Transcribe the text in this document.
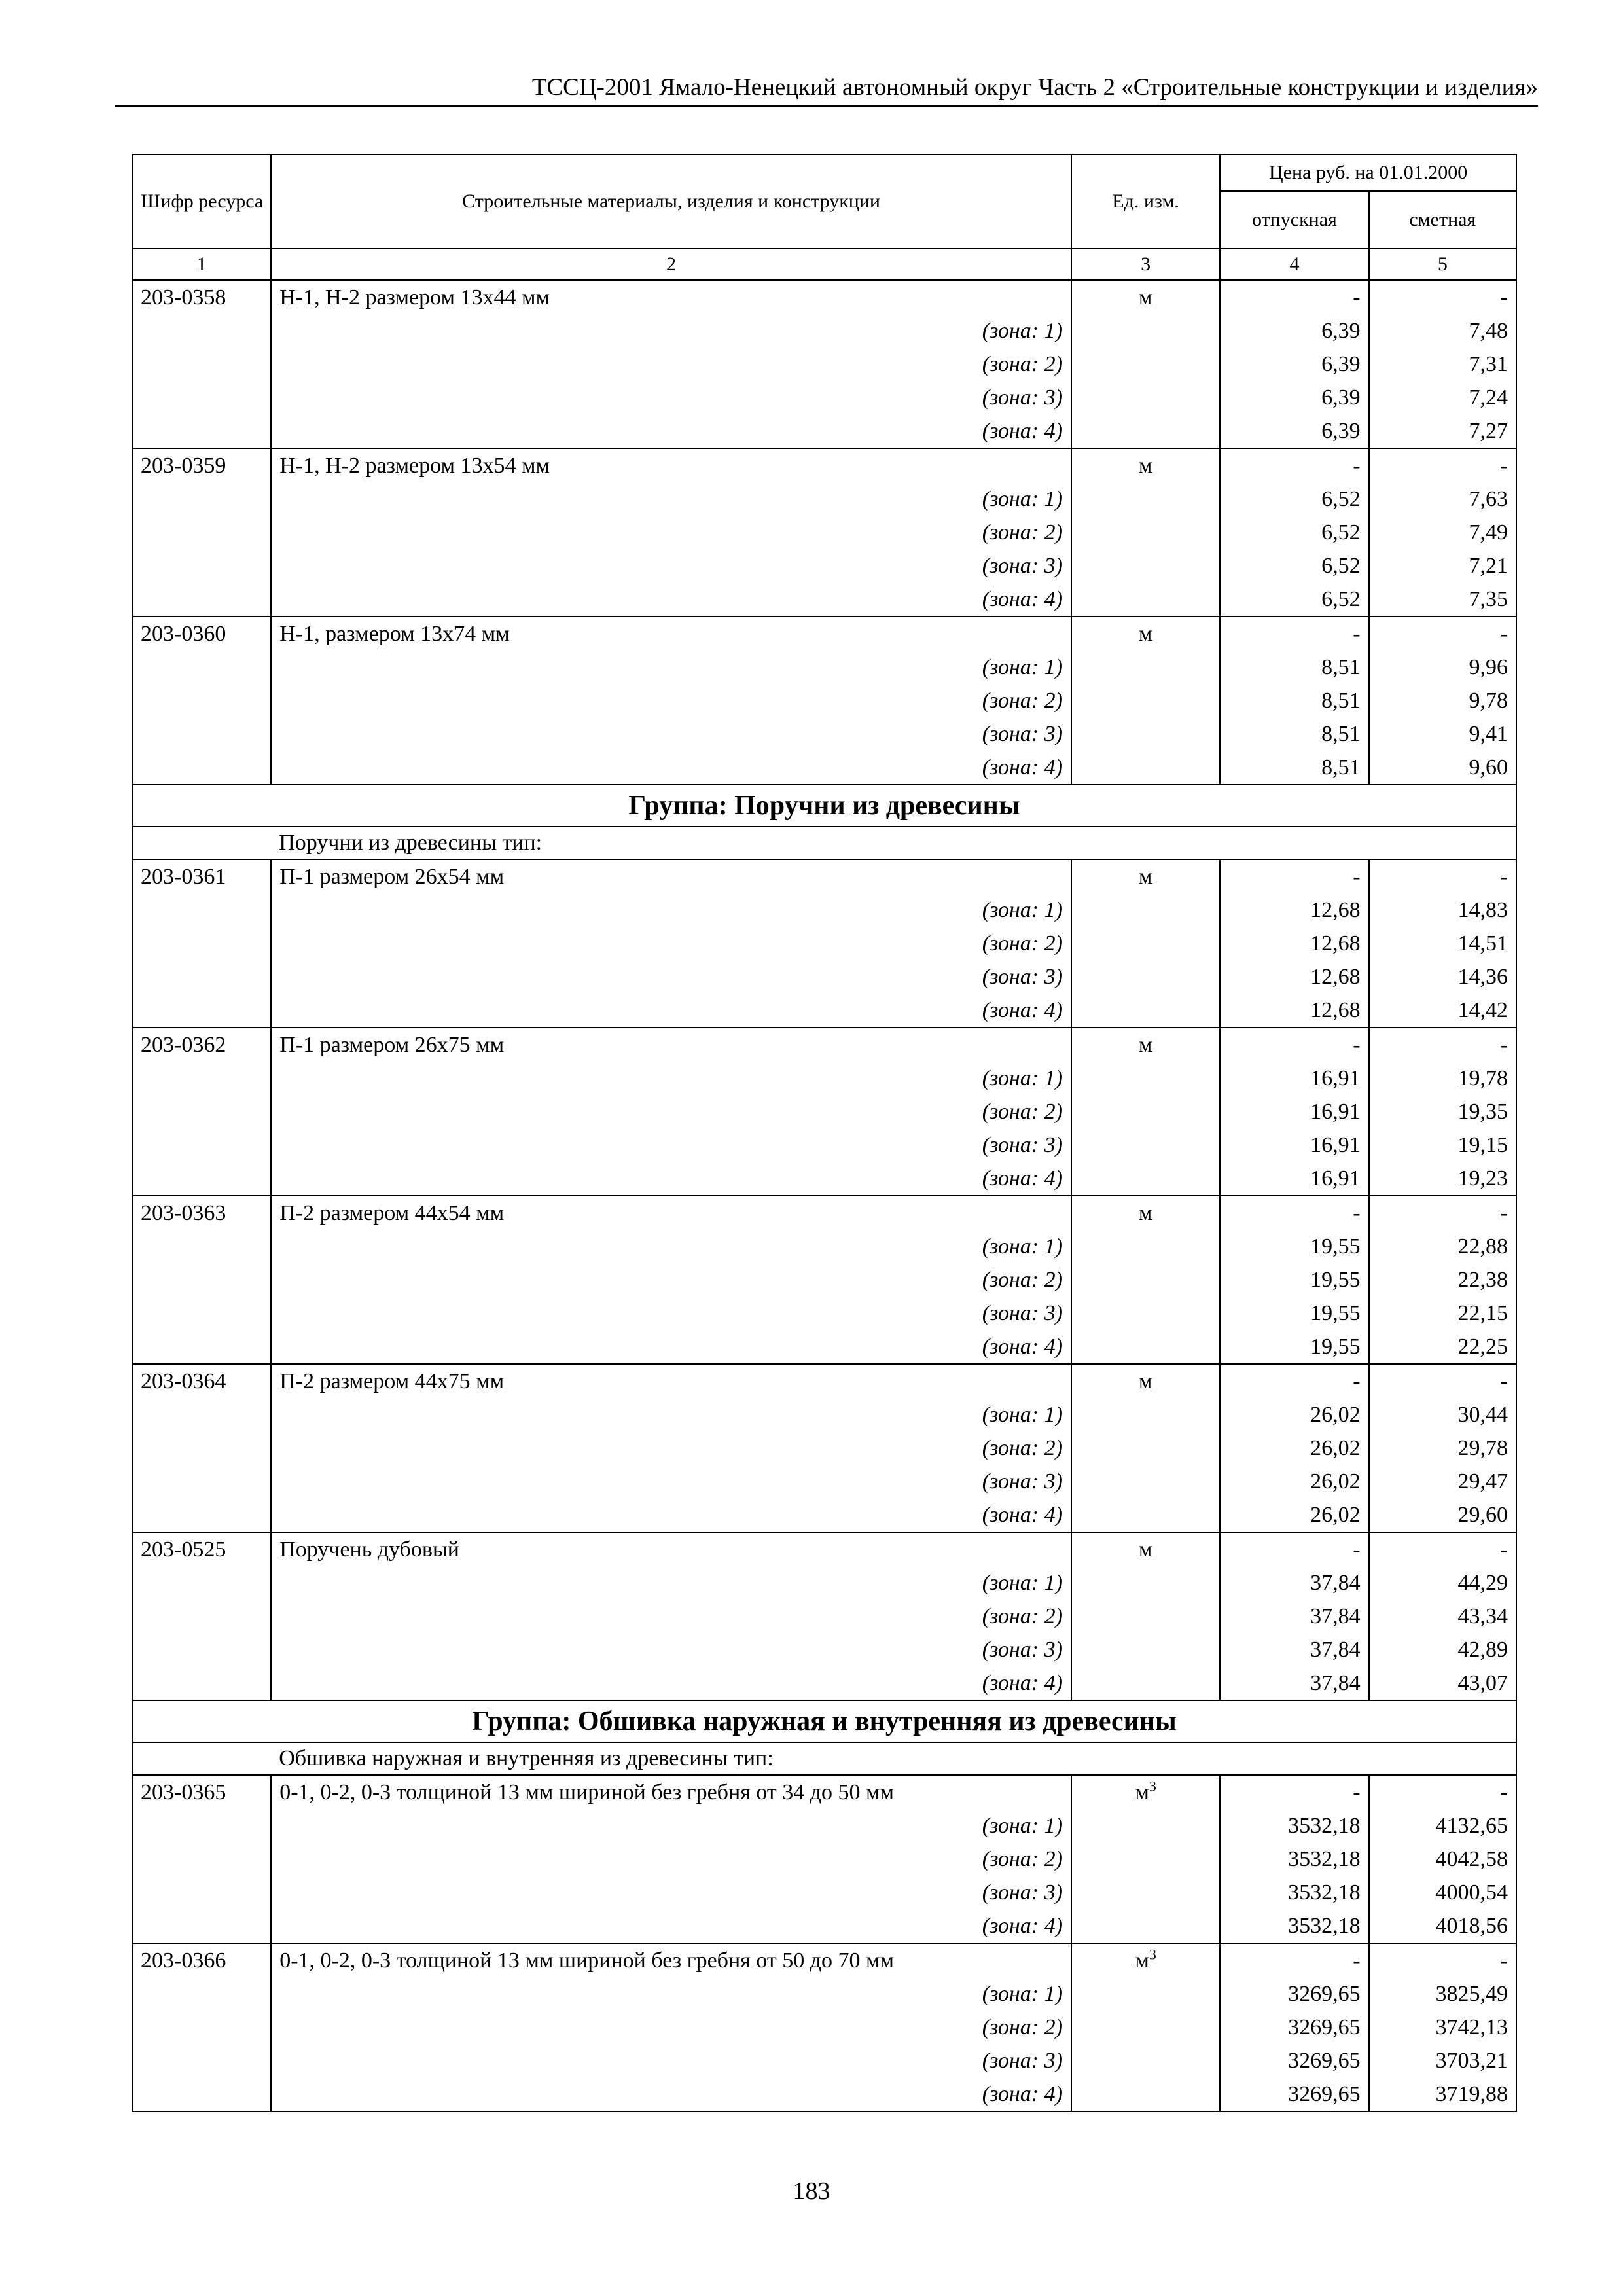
ТССЦ-2001 Ямало-Ненецкий автономный округ Часть 2 «Строительные конструкции и изделия»
Шифр ресурса	Строительные материалы, изделия и конструкции	Ед. изм.	Цена руб. на 01.01.2000	
			отпускная	сметная
1	2	3	4	5
203-0358	Н-1, Н-2 размером 13х44 мм	м	-	-
	(зона: 1)		6,39	7,48
	(зона: 2)		6,39	7,31
	(зона: 3)		6,39	7,24
	(зона: 4)		6,39	7,27
203-0359	Н-1, Н-2 размером 13х54 мм	м	-	-
	(зона: 1)		6,52	7,63
	(зона: 2)		6,52	7,49
	(зона: 3)		6,52	7,21
	(зона: 4)		6,52	7,35
203-0360	Н-1, размером 13х74 мм	м	-	-
	(зона: 1)		8,51	9,96
	(зона: 2)		8,51	9,78
	(зона: 3)		8,51	9,41
	(зона: 4)		8,51	9,60
Группа: Поручни из древесины				
	Поручни из древесины тип:			
203-0361	П-1 размером 26х54 мм	м	-	-
	(зона: 1)		12,68	14,83
	(зона: 2)		12,68	14,51
	(зона: 3)		12,68	14,36
	(зона: 4)		12,68	14,42
203-0362	П-1 размером 26х75 мм	м	-	-
	(зона: 1)		16,91	19,78
	(зона: 2)		16,91	19,35
	(зона: 3)		16,91	19,15
	(зона: 4)		16,91	19,23
203-0363	П-2 размером 44х54 мм	м	-	-
	(зона: 1)		19,55	22,88
	(зона: 2)		19,55	22,38
	(зона: 3)		19,55	22,15
	(зона: 4)		19,55	22,25
203-0364	П-2 размером 44х75 мм	м	-	-
	(зона: 1)		26,02	30,44
	(зона: 2)		26,02	29,78
	(зона: 3)		26,02	29,47
	(зона: 4)		26,02	29,60
203-0525	Поручень дубовый	м	-	-
	(зона: 1)		37,84	44,29
	(зона: 2)		37,84	43,34
	(зона: 3)		37,84	42,89
	(зона: 4)		37,84	43,07
Группа: Обшивка наружная и внутренняя из древесины				
	Обшивка наружная и внутренняя из древесины тип:			
203-0365	0-1, 0-2, 0-3 толщиной 13 мм шириной без гребня от 34 до 50 мм	$м^3$	-	-
	(зона: 1)		3532,18	4132,65
	(зона: 2)		3532,18	4042,58
	(зона: 3)		3532,18	4000,54
	(зона: 4)		3532,18	4018,56
203-0366	0-1, 0-2, 0-3 толщиной 13 мм шириной без гребня от 50 до 70 мм	$м^3$	-	-
	(зона: 1)		3269,65	3825,49
	(зона: 2)		3269,65	3742,13
	(зона: 3)		3269,65	3703,21
	(зона: 4)		3269,65	3719,88
183
